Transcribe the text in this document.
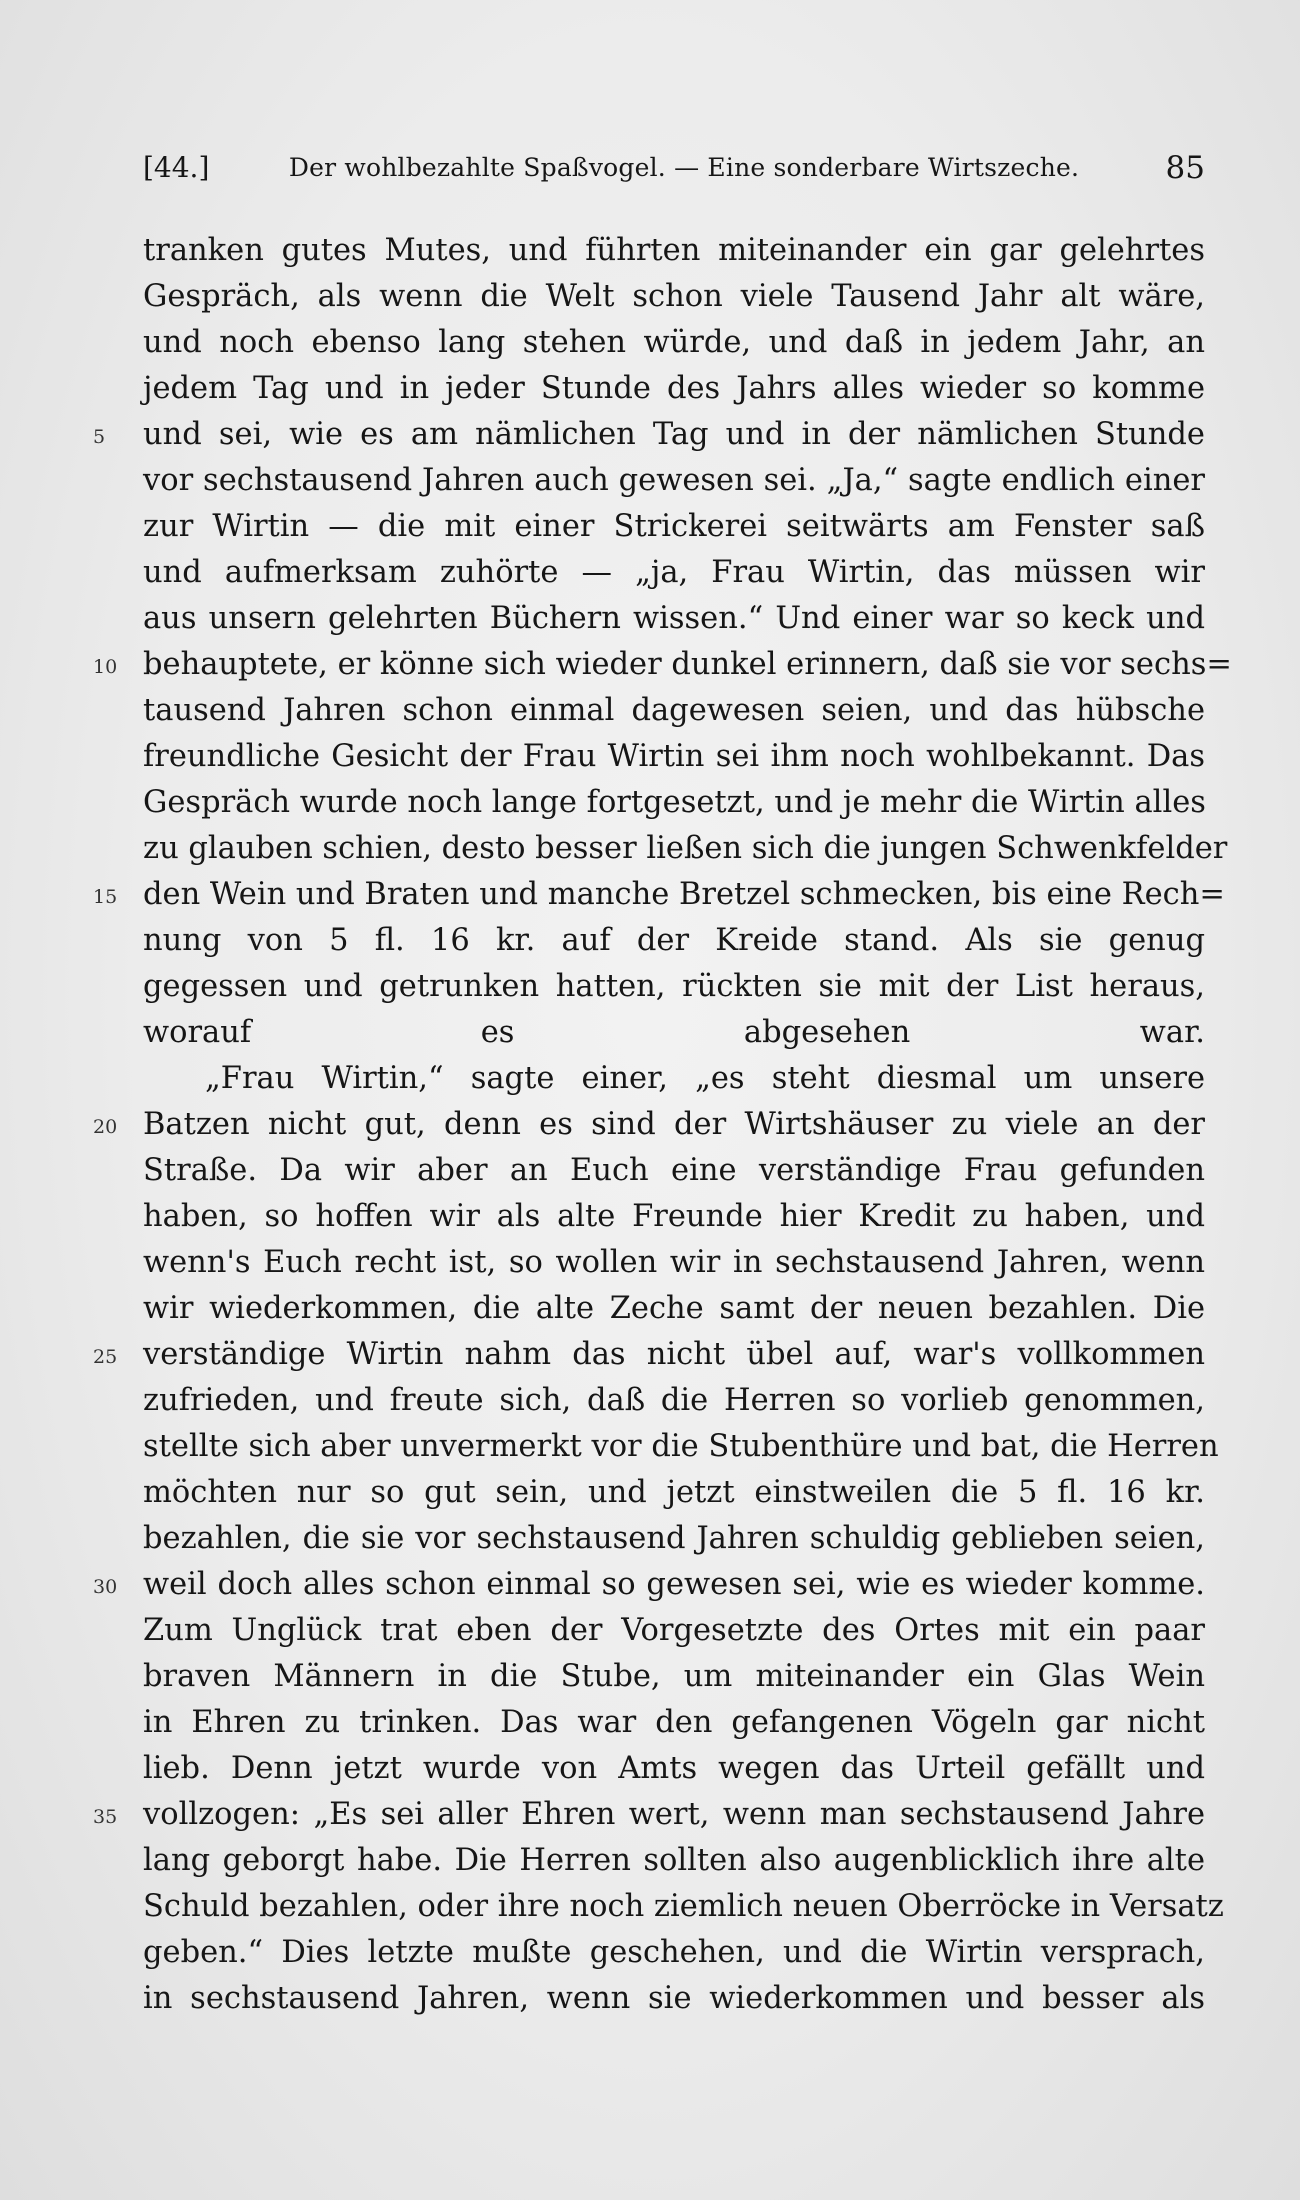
[44.]	Der wohlbezahlte Spaßvogel. — Eine sonderbare Wirtszeche.	85
tranken gutes Mutes, und führten miteinander ein gar gelehrtes
Gespräch, als wenn die Welt schon viele Tausend Jahr alt wäre,
und noch ebenso lang stehen würde, und daß in jedem Jahr, an
jedem Tag und in jeder Stunde des Jahrs alles wieder so komme
5	und sei, wie es am nämlichen Tag und in der nämlichen Stunde
vor sechstausend Jahren auch gewesen sei. „Ja,“ sagte endlich einer
zur Wirtin — die mit einer Strickerei seitwärts am Fenster saß
und aufmerksam zuhörte — „ja, Frau Wirtin, das müssen wir
aus unsern gelehrten Büchern wissen.“ Und einer war so keck und
10 behauptete, er könne sich wieder dunkel erinnern, daß sie vor sechs=
tausend Jahren schon einmal dagewesen seien, und das hübsche
freundliche Gesicht der Frau Wirtin sei ihm noch wohlbekannt. Das
Gespräch wurde noch lange fortgesetzt, und je mehr die Wirtin alles
zu glauben schien, desto besser ließen sich die jungen Schwenkfelder
15 den Wein und Braten und manche Bretzel schmecken, bis eine Rech=
nung von 5 fl. 16 kr. auf der Kreide stand. Als sie genug
gegessen und getrunken hatten, rückten sie mit der List heraus,
worauf es abgesehen war.
„Frau Wirtin,“ sagte einer, „es steht diesmal um unsere
20 Batzen nicht gut, denn es sind der Wirtshäuser zu viele an der
Straße. Da wir aber an Euch eine verständige Frau gefunden
haben, so hoffen wir als alte Freunde hier Kredit zu haben, und
wenn's Euch recht ist, so wollen wir in sechstausend Jahren, wenn
wir wiederkommen, die alte Zeche samt der neuen bezahlen. Die
25 verständige Wirtin nahm das nicht übel auf, war's vollkommen
zufrieden, und freute sich, daß die Herren so vorlieb genommen,
stellte sich aber unvermerkt vor die Stubenthüre und bat, die Herren
möchten nur so gut sein, und jetzt einstweilen die 5 fl. 16 kr.
bezahlen, die sie vor sechstausend Jahren schuldig geblieben seien,
30 weil doch alles schon einmal so gewesen sei, wie es wieder komme.
Zum Unglück trat eben der Vorgesetzte des Ortes mit ein paar
braven Männern in die Stube, um miteinander ein Glas Wein
in Ehren zu trinken. Das war den gefangenen Vögeln gar nicht
lieb. Denn jetzt wurde von Amts wegen das Urteil gefällt und
35 vollzogen: „Es sei aller Ehren wert, wenn man sechstausend Jahre
lang geborgt habe. Die Herren sollten also augenblicklich ihre alte
Schuld bezahlen, oder ihre noch ziemlich neuen Oberröcke in Versatz
geben.“ Dies letzte mußte geschehen, und die Wirtin versprach,
in sechstausend Jahren, wenn sie wiederkommen und besser als
